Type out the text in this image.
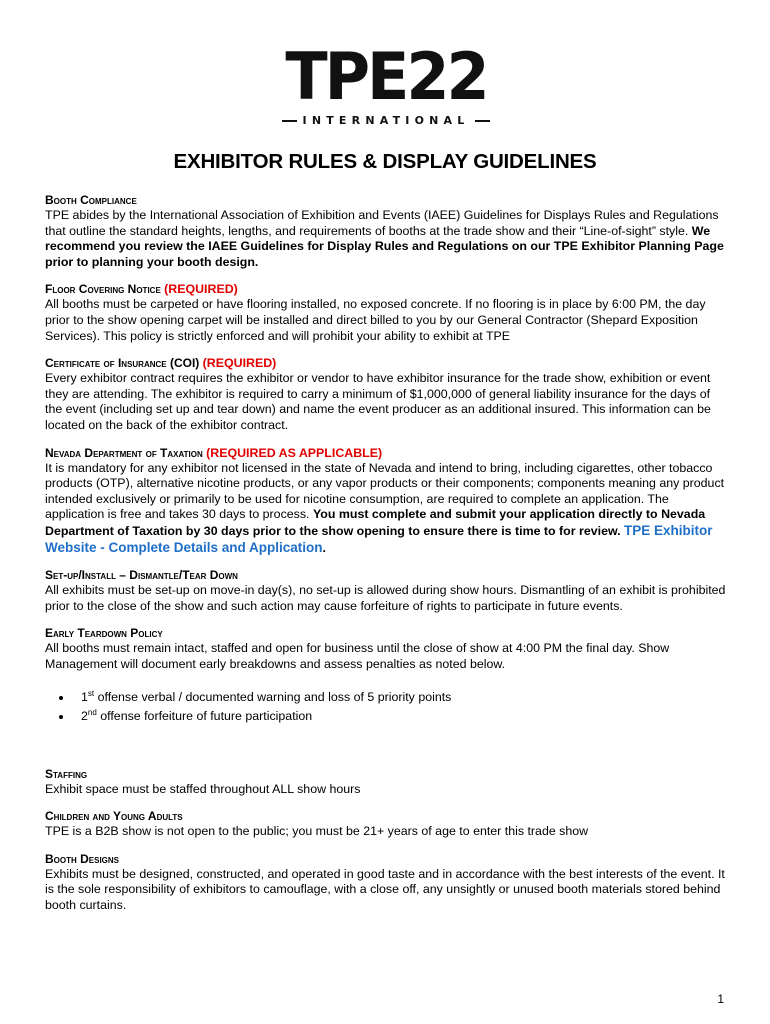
TPE22
INTERNATIONAL
EXHIBITOR RULES & DISPLAY GUIDELINES
Booth Compliance

TPE abides by the International Association of Exhibition and Events (IAEE) Guidelines for Displays Rules and Regulations that outline the standard heights, lengths, and requirements of booths at the trade show and their “Line-of-sight” style. We recommend you review the IAEE Guidelines for Display Rules and Regulations on our TPE Exhibitor Planning Page prior to planning your booth design.

Floor Covering Notice (REQUIRED)

All booths must be carpeted or have flooring installed, no exposed concrete. If no flooring is in place by 6:00 PM, the day prior to the show opening carpet will be installed and direct billed to you by our General Contractor (Shepard Exposition Services). This policy is strictly enforced and will prohibit your ability to exhibit at TPE

Certificate of Insurance (COI) (REQUIRED)

Every exhibitor contract requires the exhibitor or vendor to have exhibitor insurance for the trade show, exhibition or event they are attending. The exhibitor is required to carry a minimum of $1,000,000 of general liability insurance for the days of the event (including set up and tear down) and name the event producer as an additional insured. This information can be located on the back of the exhibitor contract.

Nevada Department of Taxation (REQUIRED AS APPLICABLE)

It is mandatory for any exhibitor not licensed in the state of Nevada and intend to bring, including cigarettes, other tobacco products (OTP), alternative nicotine products, or any vapor products or their components; components meaning any product intended exclusively or primarily to be used for nicotine consumption, are required to complete an application. The application is free and takes 30 days to process. You must complete and submit your application directly to Nevada Department of Taxation by 30 days prior to the show opening to ensure there is time to for review. TPE Exhibitor Website - Complete Details and Application.

Set-up/Install – Dismantle/Tear Down

All exhibits must be set-up on move-in day(s), no set-up is allowed during show hours. Dismantling of an exhibit is prohibited prior to the close of the show and such action may cause forfeiture of rights to participate in future events.

Early Teardown Policy

All booths must remain intact, staffed and open for business until the close of show at 4:00 PM the final day. Show Management will document early breakdowns and assess penalties as noted below.

• 1st offense verbal / documented warning and loss of 5 priority points
• 2nd offense forfeiture of future participation
Staffing

Exhibit space must be staffed throughout ALL show hours

Children and Young Adults

TPE is a B2B show is not open to the public; you must be 21+ years of age to enter this trade show

Booth Designs

Exhibits must be designed, constructed, and operated in good taste and in accordance with the best interests of the event. It is the sole responsibility of exhibitors to camouflage, with a close off, any unsightly or unused booth materials stored behind booth curtains.

1
